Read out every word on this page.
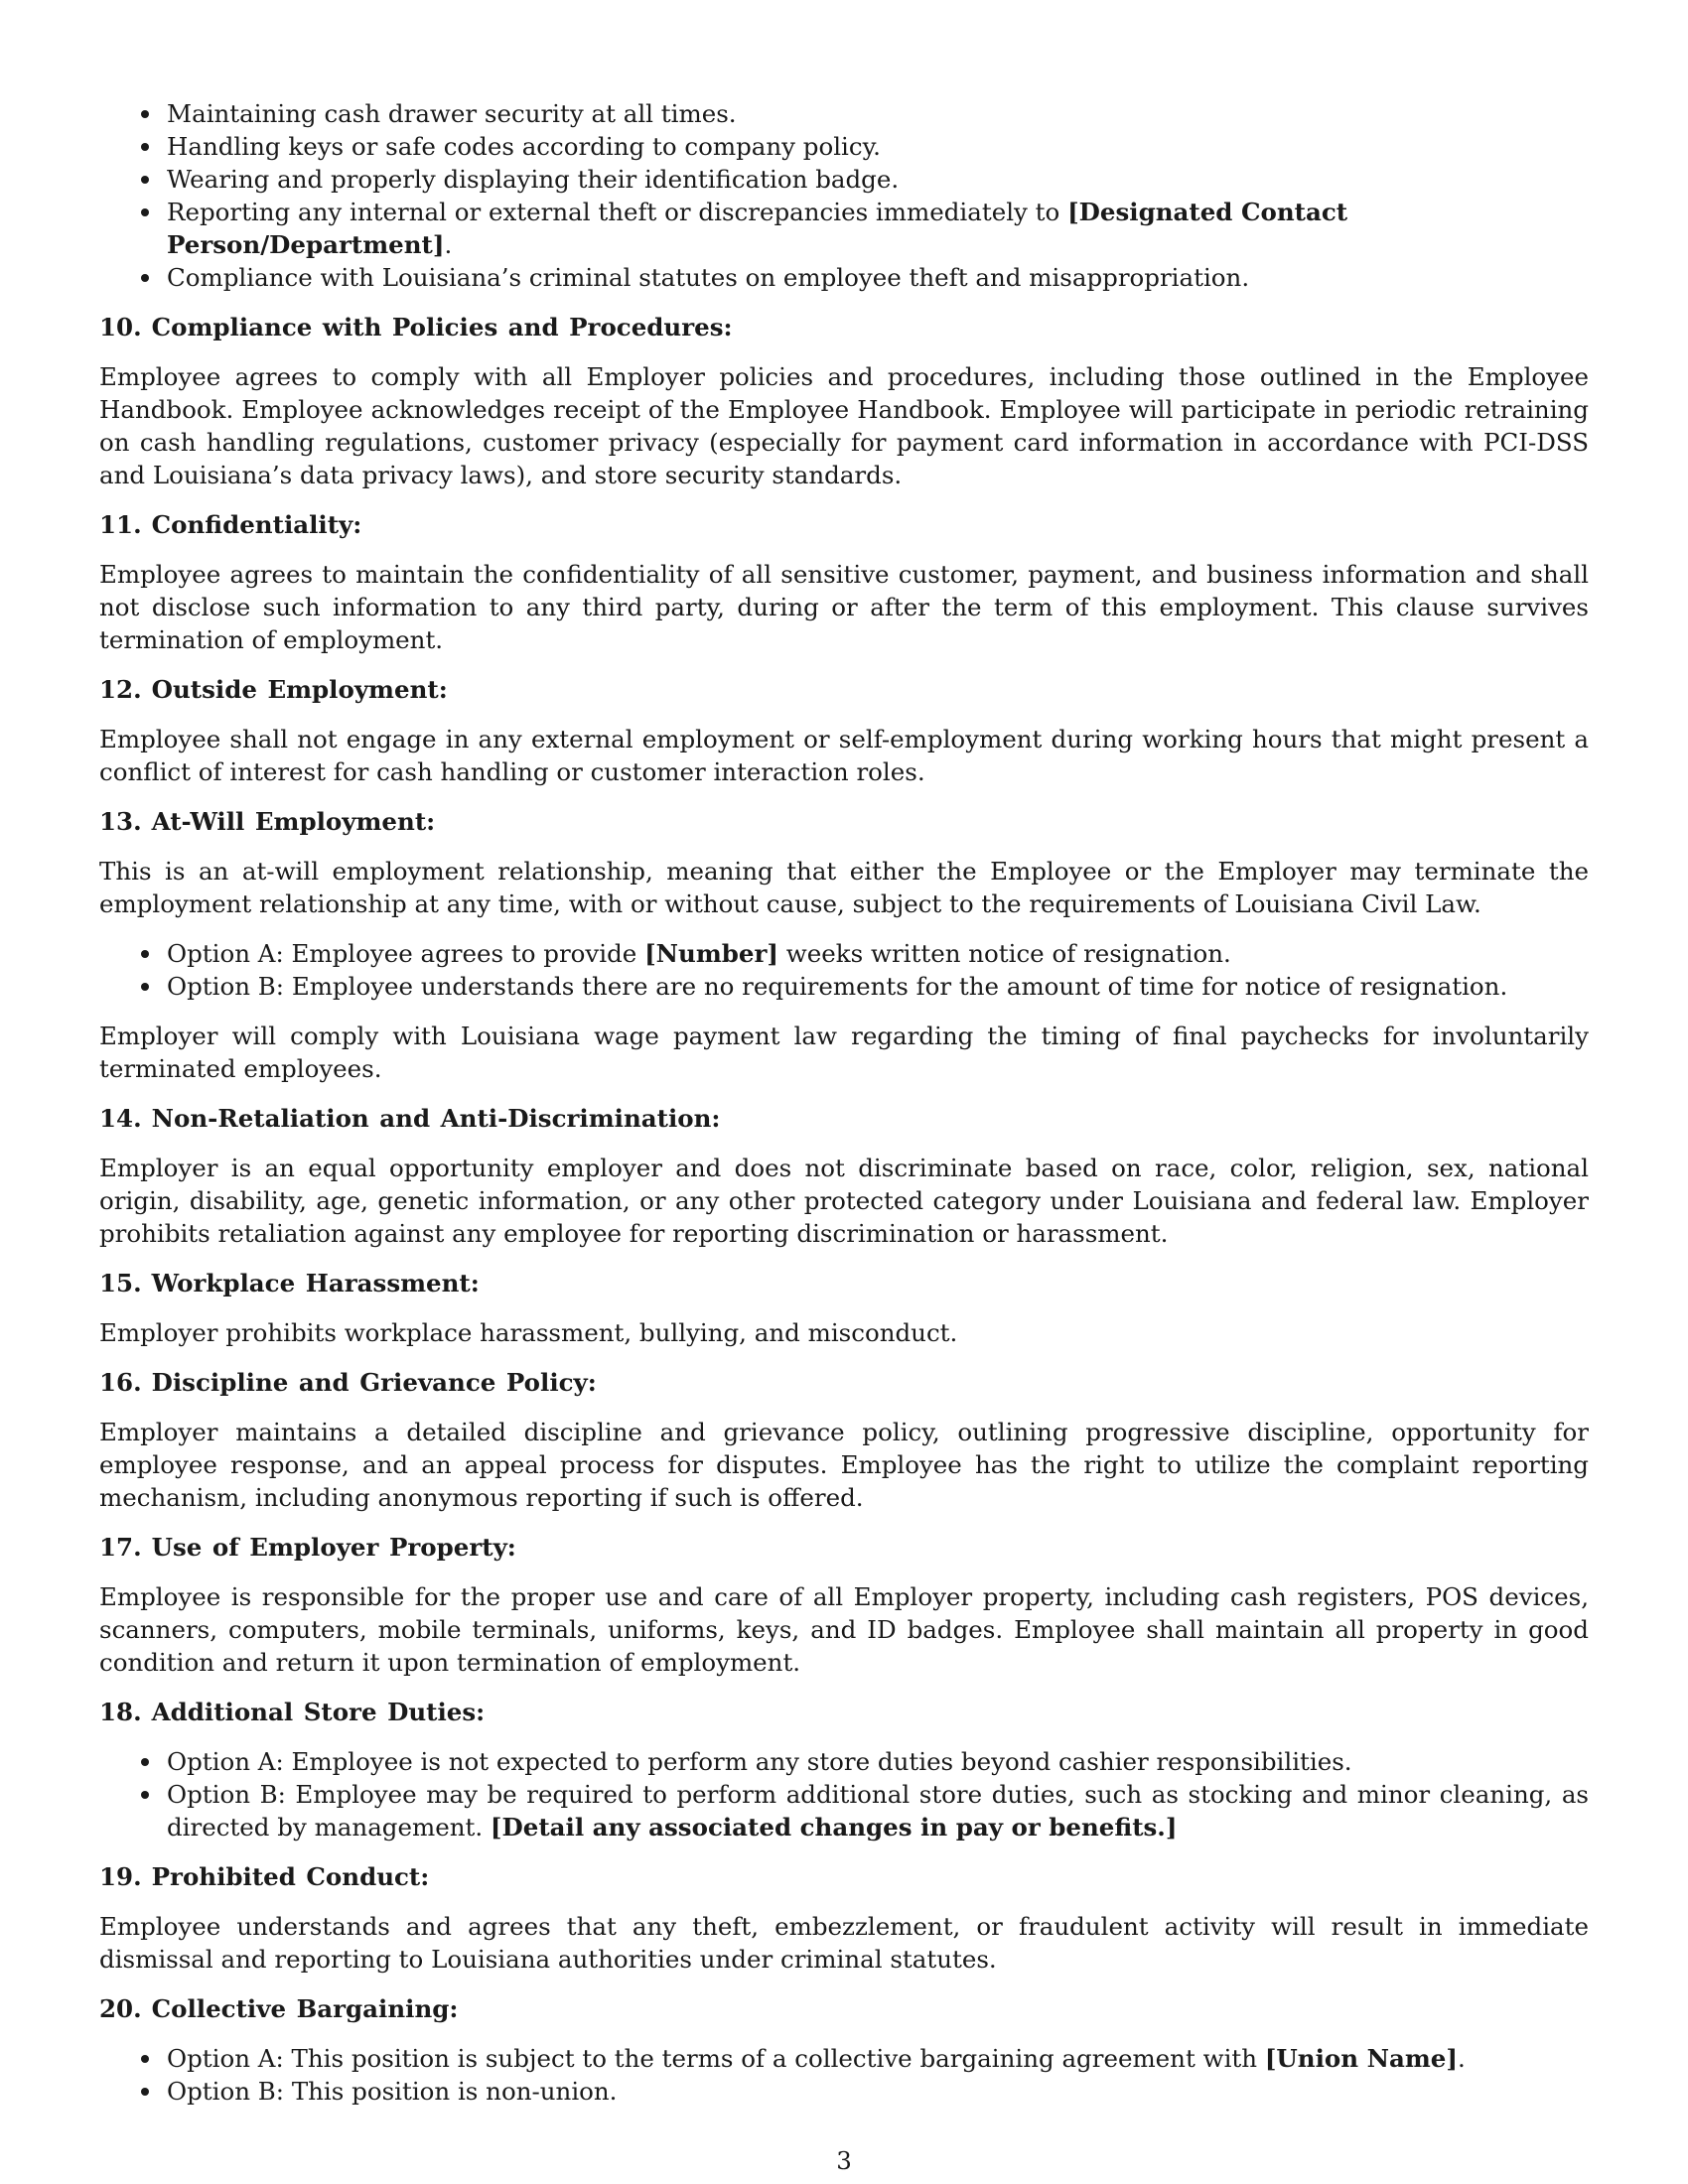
Maintaining cash drawer security at all times.
Handling keys or safe codes according to company policy.
Wearing and properly displaying their identification badge.
Reporting any internal or external theft or discrepancies immediately to [Designated Contact Person/Department].
Compliance with Louisiana’s criminal statutes on employee theft and misappropriation.
10. Compliance with Policies and Procedures:

Employee agrees to comply with all Employer policies and procedures, including those outlined in the Employee Handbook. Employee acknowledges receipt of the Employee Handbook. Employee will participate in periodic retraining on cash handling regulations, customer privacy (especially for payment card information in accordance with PCI-DSS and Louisiana’s data privacy laws), and store security standards.

11. Confidentiality:

Employee agrees to maintain the confidentiality of all sensitive customer, payment, and business information and shall not disclose such information to any third party, during or after the term of this employment. This clause survives termination of employment.

12. Outside Employment:

Employee shall not engage in any external employment or self-employment during working hours that might present a conflict of interest for cash handling or customer interaction roles.

13. At-Will Employment:

This is an at-will employment relationship, meaning that either the Employee or the Employer may terminate the employment relationship at any time, with or without cause, subject to the requirements of Louisiana Civil Law.

Option A: Employee agrees to provide [Number] weeks written notice of resignation.
Option B: Employee understands there are no requirements for the amount of time for notice of resignation.

Employer will comply with Louisiana wage payment law regarding the timing of final paychecks for involuntarily terminated employees.

14. Non-Retaliation and Anti-Discrimination:

Employer is an equal opportunity employer and does not discriminate based on race, color, religion, sex, national origin, disability, age, genetic information, or any other protected category under Louisiana and federal law. Employer prohibits retaliation against any employee for reporting discrimination or harassment.

15. Workplace Harassment:

Employer prohibits workplace harassment, bullying, and misconduct.

16. Discipline and Grievance Policy:

Employer maintains a detailed discipline and grievance policy, outlining progressive discipline, opportunity for employee response, and an appeal process for disputes. Employee has the right to utilize the complaint reporting mechanism, including anonymous reporting if such is offered.

17. Use of Employer Property:

Employee is responsible for the proper use and care of all Employer property, including cash registers, POS devices, scanners, computers, mobile terminals, uniforms, keys, and ID badges. Employee shall maintain all property in good condition and return it upon termination of employment.

18. Additional Store Duties:
Option A: Employee is not expected to perform any store duties beyond cashier responsibilities.
Option B: Employee may be required to perform additional store duties, such as stocking and minor cleaning, as directed by management. [Detail any associated changes in pay or benefits.]
19. Prohibited Conduct:

Employee understands and agrees that any theft, embezzlement, or fraudulent activity will result in immediate dismissal and reporting to Louisiana authorities under criminal statutes.

20. Collective Bargaining:
Option A: This position is subject to the terms of a collective bargaining agreement with [Union Name].
Option B: This position is non-union.
3
